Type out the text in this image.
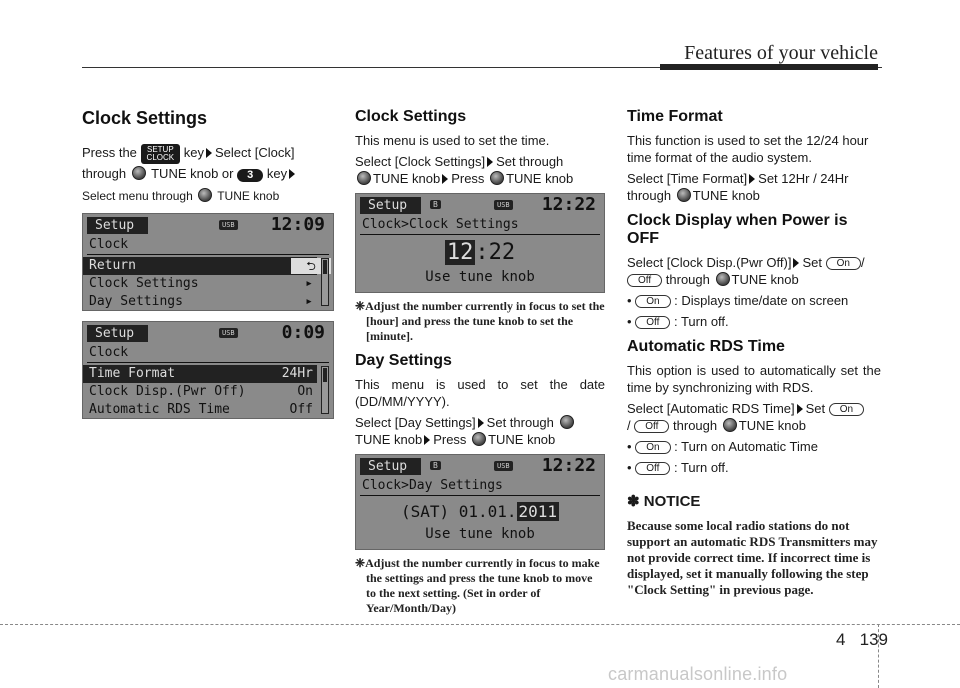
Features of your vehicle
Clock Settings

Press the SETUP
CLOCK key Select [Clock]
through TUNE knob or 3 key

Select menu through TUNE knob

Setup	USB 12:09
Clock
Return	⮌
Clock Settings	▸
Day Settings	▸
Setup	USB	0:09
Clock
Time Format	24Hr
Clock Disp.(Pwr Off)	On
Automatic RDS Time	Off
Clock Settings

This menu is used to set the time.

Select [Clock Settings] Set through
TUNE knob Press TUNE knob

Setup	B	USB 12:22
Clock>Clock Settings
12:22
Use tune knob

❈Adjust the number currently in focus to set the [hour] and press the tune knob to set the [minute].

Day Settings

This menu is used to set the date (DD/MM/YYYY).

Select [Day Settings] Set through
TUNE knob Press TUNE knob

Setup	B	USB 12:22
Clock>Day Settings
(SAT) 01.01. 2011
Use tune knob

❈Adjust the number currently in focus to make the settings and press the tune knob to move to the next setting. (Set in order of Year/Month/Day)

Time Format

This function is used to set the 12/24 hour time format of the audio system.

Select [Time Format] Set 12Hr / 24Hr
through TUNE knob

Clock Display when Power is OFF

Select [Clock Disp.(Pwr Off)] Set On /
Off through TUNE knob

• On : Displays time/date on screen

• Off : Turn off.

Automatic RDS Time

This option is used to automatically set the time by synchronizing with RDS.

Select [Automatic RDS Time] Set On
/ Off through TUNE knob

• On : Turn on Automatic Time

• Off : Turn off.

✽ NOTICE

Because some local radio stations do not support an automatic RDS Transmitters may not provide correct time. If incorrect time is displayed, set it manually following the step "Clock Setting" in previous page.

4 139
carmanualsonline.info
